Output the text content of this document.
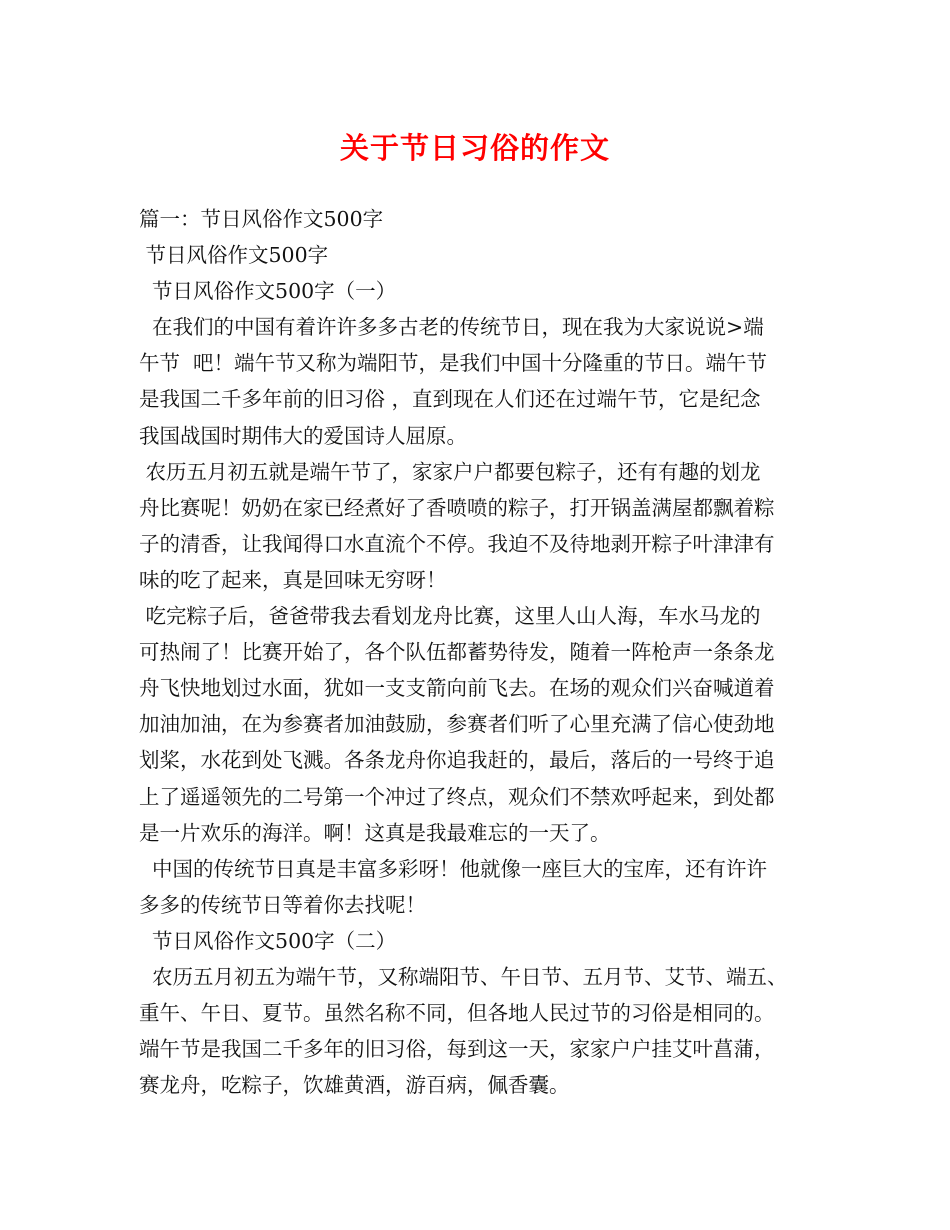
关于节日习俗的作文
篇一：节日风俗作文500字
节日风俗作文500字
节日风俗作文500字（一）
在我们的中国有着许许多多古老的传统节日，现在我为大家说说>端
午节  吧！端午节又称为端阳节，是我们中国十分隆重的节日。端午节
是我国二千多年前的旧习俗 ，直到现在人们还在过端午节，它是纪念
我国战国时期伟大的爱国诗人屈原。
农历五月初五就是端午节了，家家户户都要包粽子，还有有趣的划龙
舟比赛呢！奶奶在家已经煮好了香喷喷的粽子，打开锅盖满屋都飘着粽
子的清香，让我闻得口水直流个不停。我迫不及待地剥开粽子叶津津有
味的吃了起来，真是回味无穷呀！
吃完粽子后，爸爸带我去看划龙舟比赛，这里人山人海，车水马龙的
可热闹了！比赛开始了，各个队伍都蓄势待发，随着一阵枪声一条条龙
舟飞快地划过水面，犹如一支支箭向前飞去。在场的观众们兴奋喊道着
加油加油，在为参赛者加油鼓励，参赛者们听了心里充满了信心使劲地
划桨，水花到处飞溅。各条龙舟你追我赶的，最后，落后的一号终于追
上了遥遥领先的二号第一个冲过了终点，观众们不禁欢呼起来，到处都
是一片欢乐的海洋。啊！这真是我最难忘的一天了。
中国的传统节日真是丰富多彩呀！他就像一座巨大的宝库，还有许许
多多的传统节日等着你去找呢！
节日风俗作文500字（二）
农历五月初五为端午节，又称端阳节、午日节、五月节、艾节、端五、
重午、午日、夏节。虽然名称不同，但各地人民过节的习俗是相同的。
端午节是我国二千多年的旧习俗，每到这一天，家家户户挂艾叶菖蒲，
赛龙舟，吃粽子，饮雄黄酒，游百病，佩香囊。
